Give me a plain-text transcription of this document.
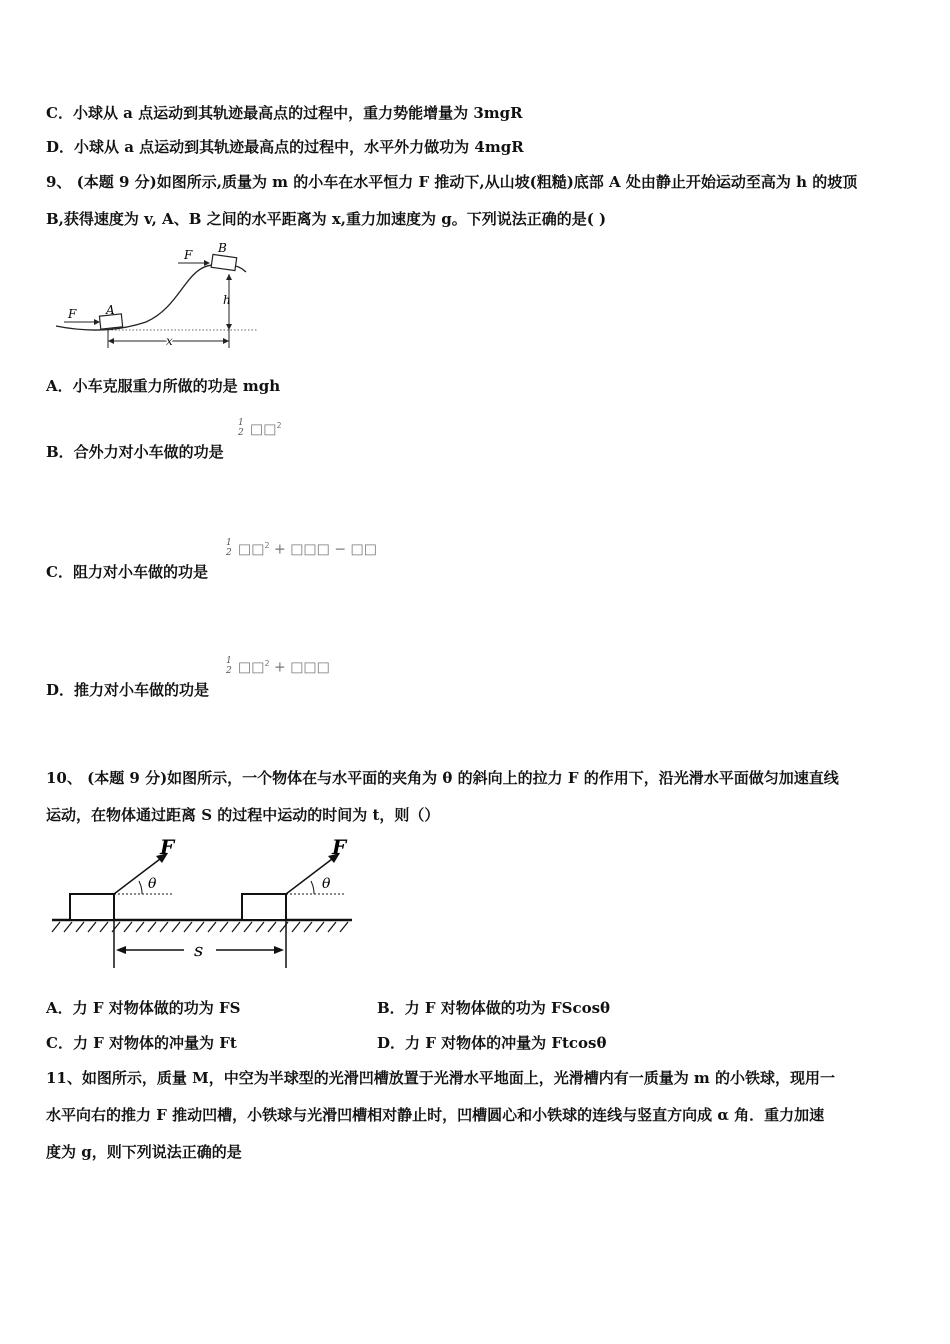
C．小球从 a 点运动到其轨迹最高点的过程中，重力势能增量为 3mgR
D．小球从 a 点运动到其轨迹最高点的过程中，水平外力做功为 4mgR
9、 (本题 9 分)如图所示,质量为 m 的小车在水平恒力 F 推动下,从山坡(粗糙)底部 A 处由静止开始运动至高为 h 的坡顶
B,获得速度为 v, A、B 之间的水平距离为 x,重力加速度为 g。下列说法正确的是( )
A
F
B
F
h
x
A．小车克服重力所做的功是 mgh
B．合外力对小车做的功是
1
2 □□$^2$
C．阻力对小车做的功是
1
2 □□$^2$ + □□□ − □□
D．推力对小车做的功是
1
2 □□$^2$ + □□□
10、 (本题 9 分)如图所示，一个物体在与水平面的夹角为 θ 的斜向上的拉力 F 的作用下，沿光滑水平面做匀加速直线
运动，在物体通过距离 S 的过程中运动的时间为 t，则（）
F
θ
F
θ
s
A．力 F 对物体做的功为 FS	B．力 F 对物体做的功为 FScosθ
C．力 F 对物体的冲量为 Ft	D．力 F 对物体的冲量为 Ftcosθ
11、如图所示，质量 M，中空为半球型的光滑凹槽放置于光滑水平地面上，光滑槽内有一质量为 m 的小铁球，现用一
水平向右的推力 F 推动凹槽，小铁球与光滑凹槽相对静止时，凹槽圆心和小铁球的连线与竖直方向成 α 角．重力加速
度为 g，则下列说法正确的是
